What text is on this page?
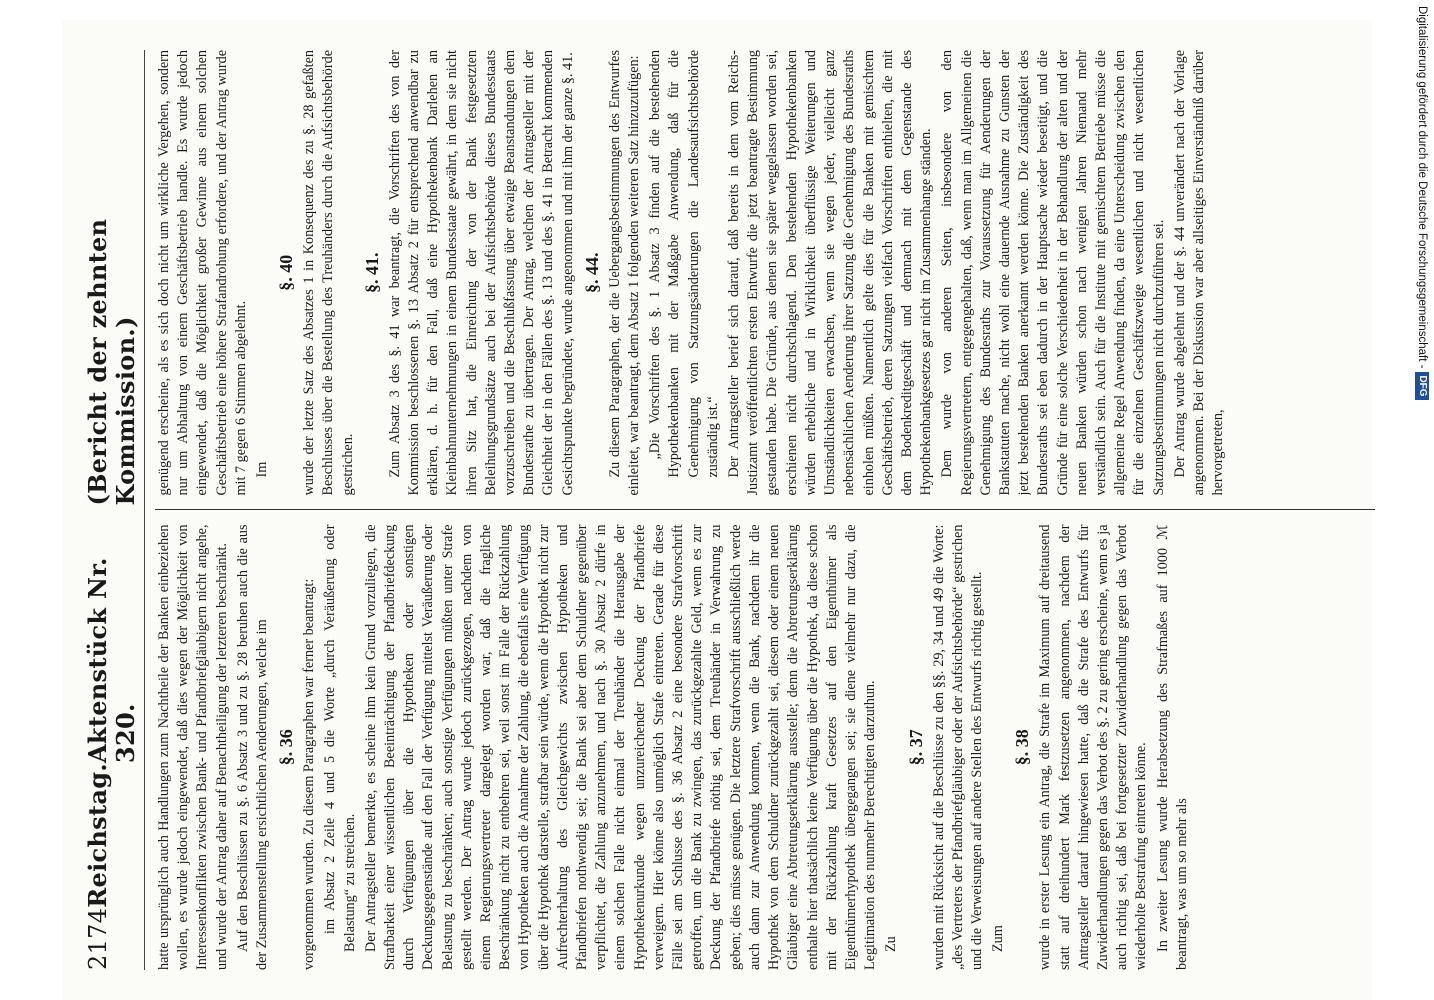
2174
Reichstag.
Aktenstück Nr. 320.
(Bericht der zehnten Kommission.)

hatte ursprünglich auch Handlungen zum Nachtheile der Banken einbeziehen wollen, es wurde jedoch eingewendet, daß dies wegen der Möglichkeit von Interessenkonflikten zwischen Bank- und Pfandbriefgläubigern nicht angehe, und wurde der Antrag daher auf Benachtheiligung der letzteren beschränkt. Auf den Beschlüssen zu §. 6 Absatz 3 und zu §. 28 beruhen auch die aus der Zusammenstellung ersichtlichen Aenderungen, welche im §. 36 vorgenommen wurden. Zu diesem Paragraphen war ferner beantragt: im Absatz 2 Zeile 4 und 5 die Worte „durch Veräußerung oder Belastung“ zu streichen. Der Antragsteller bemerkte, es scheine ihm kein Grund vorzuliegen, die Strafbarkeit einer wissentlichen Beeinträchtigung der Pfandbriefdeckung durch Verfügungen über die Hypotheken oder sonstigen Deckungsgegenstände auf den Fall der Verfügung mittelst Veräußerung oder Belastung zu beschränken; auch sonstige Verfügungen müßten unter Strafe gestellt werden. Der Antrag wurde jedoch zurückgezogen, nachdem von einem Regierungsvertreter dargelegt worden war, daß die fragliche Beschränkung nicht zu entbehren sei, weil sonst im Falle der Rückzahlung von Hypotheken auch die Annahme der Zahlung, die ebenfalls eine Verfügung über die Hypothek darstelle, strafbar sein würde, wenn die Hypothek nicht zur Aufrechterhaltung des Gleichgewichts zwischen Hypotheken und Pfandbriefen nothwendig sei; die Bank sei aber dem Schuldner gegenüber verpflichtet, die Zahlung anzunehmen, und nach §. 30 Absatz 2 dürfe in einem solchen Falle nicht einmal der Treuhänder die Herausgabe der Hypothekenurkunde wegen unzureichender Deckung der Pfandbriefe verweigern. Hier könne also unmöglich Strafe eintreten. Gerade für diese Fälle sei am Schlusse des §. 36 Absatz 2 eine besondere Strafvorschrift getroffen, um die Bank zu zwingen, das zurückgezahlte Geld, wenn es zur Deckung der Pfandbriefe nöthig sei, dem Treuhänder in Verwahrung zu geben; dies müsse genügen. Die letztere Strafvorschrift ausschließlich werde auch dann zur Anwendung kommen, wenn die Bank, nachdem ihr die Hypothek von dem Schuldner zurückgezahlt sei, diesem oder einem neuen Gläubiger eine Abtretungserklärung ausstelle; denn die Abtretungserklärung enthalte hier thatsächlich keine Verfügung über die Hypothek, da diese schon mit der Rückzahlung kraft Gesetzes auf den Eigenthümer als Eigenthümerhypothek übergegangen sei; sie diene vielmehr nur dazu, die Legitimation des nunmehr Berechtigten darzuthun. Zu

§. 37 wurden mit Rücksicht auf die Beschlüsse zu den §§. 29, 34 und 49 die Worte: „des Vertreters der Pfandbriefgläubiger oder der Aufsichtsbehörde“ gestrichen und die Verweisungen auf andere Stellen des Entwurfs richtig gestellt. Zum

§. 38 wurde in erster Lesung ein Antrag, die Strafe im Maximum auf dreitausend statt auf dreihundert Mark festzusetzen angenommen, nachdem der Antragsteller darauf hingewiesen hatte, daß die Strafe des Entwurfs für Zuwiderhandlungen gegen das Verbot des §. 2 zu gering erscheine, wenn es ja auch richtig sei, daß bei fortgesetzter Zuwiderhandlung gegen das Verbot wiederholte Bestrafung eintreten könne. In zweiter Lesung wurde Herabsetzung des Strafmaßes auf 1000 ℳ beantragt, was um so mehr als

genügend erscheine, als es sich doch nicht um wirkliche Vergehen, sondern nur um Abhaltung von einem Geschäftsbetrieb handle. Es wurde jedoch eingewendet, daß die Möglichkeit großer Gewinne aus einem solchen Geschäftsbetrieb eine höhere Strafandrohung erfordere, und der Antrag wurde mit 7 gegen 6 Stimmen abgelehnt. Im

§. 40 wurde der letzte Satz des Absatzes 1 in Konsequenz des zu §. 28 gefaßten Beschlusses über die Bestellung des Treuhänders durch die Aufsichtsbehörde gestrichen.

§. 41. Zum Absatz 3 des §. 41 war beantragt, die Vorschriften des von der Kommission beschlossenen §. 13 Absatz 2 für entsprechend anwendbar zu erklären, d. h. für den Fall, daß eine Hypothekenbank Darlehen an Kleinbahnunternehmungen in einem Bundesstaate gewährt, in dem sie nicht ihren Sitz hat, die Einreichung der von der Bank festgesetzten Beleihungsgrundsätze auch bei der Aufsichtsbehörde dieses Bundesstaats vorzuschreiben und die Beschlußfassung über etwaige Beanstandungen dem Bundesrathe zu übertragen. Der Antrag, welchen der Antragsteller mit der Gleichheit der in den Fällen des §. 13 und des §. 41 in Betracht kommenden Gesichtspunkte begründete, wurde angenommen und mit ihm der ganze §. 41. §. 44. Zu diesem Paragraphen, der die Uebergangsbestimmungen des Entwurfes einleitet, war beantragt, dem Absatz 1 folgenden weiteren Satz hinzuzufügen: „Die Vorschriften des §. 1 Absatz 3 finden auf die bestehenden Hypothekenbanken mit der Maßgabe Anwendung, daß für die Genehmigung von Satzungsänderungen die Landesaufsichtsbehörde zuständig ist.“ Der Antragsteller berief sich darauf, daß bereits in dem vom Reichs-Justizamt veröffentlichten ersten Entwurfe die jetzt beantragte Bestimmung gestanden habe. Die Gründe, aus denen sie später weggelassen worden sei, erschienen nicht durchschlagend. Den bestehenden Hypothekenbanken würden erhebliche und in Wirklichkeit überflüssige Weiterungen und Umständlichkeiten erwachsen, wenn sie wegen jeder, vielleicht ganz nebensächlichen Aenderung ihrer Satzung die Genehmigung des Bundesraths einholen müßten. Namentlich gelte dies für die Banken mit gemischtem Geschäftsbetrieb, deren Satzungen vielfach Vorschriften enthielten, die mit dem Bodenkreditgeschäft und demnach mit dem Gegenstande des Hypothekenbankgesetzes gar nicht im Zusammenhange ständen. Dem wurde von anderen Seiten, insbesondere von den Regierungsvertretern, entgegengehalten, daß, wenn man im Allgemeinen die Genehmigung des Bundesraths zur Voraussetzung für Aenderungen der Bankstatuten mache, nicht wohl eine dauernde Ausnahme zu Gunsten der jetzt bestehenden Banken anerkannt werden könne. Die Zuständigkeit des Bundesraths sei eben dadurch in der Hauptsache wieder beseitigt, und die Gründe für eine solche Verschiedenheit in der Behandlung der alten und der neuen Banken würden schon nach wenigen Jahren Niemand mehr verständlich sein. Auch für die Institute mit gemischtem Betriebe müsse die allgemeine Regel Anwendung finden, da eine Unterscheidung zwischen den für die einzelnen Geschäftszweige wesentlichen und nicht wesentlichen Satzungsbestimmungen nicht durchzuführen sei. Der Antrag wurde abgelehnt und der §. 44 unverändert nach der Vorlage angenommen. Bei der Diskussion war aber allseitiges Einverständniß darüber hervorgetreten,

Digitalisierung gefördert durch die Deutsche Forschungsgemeinschaft -
DFG
